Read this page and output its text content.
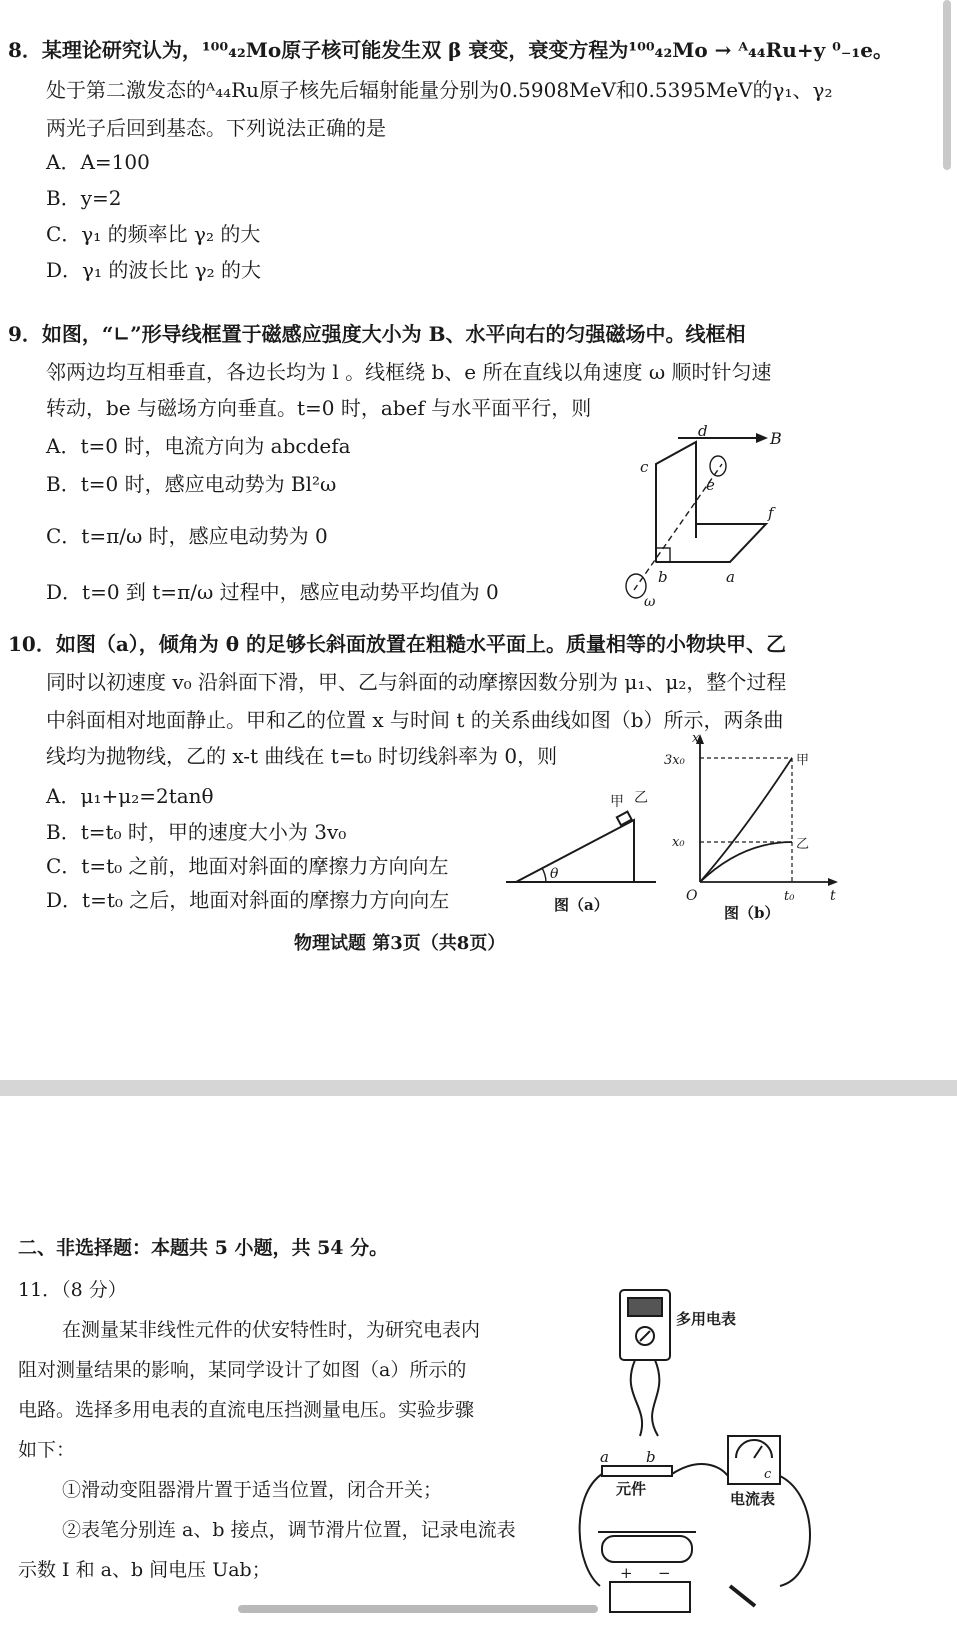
8．某理论研究认为，¹⁰⁰₄₂Mo原子核可能发生双 β 衰变，衰变方程为¹⁰⁰₄₂Mo → ᴬ₄₄Ru+y ⁰₋₁e。
处于第二激发态的ᴬ₄₄Ru原子核先后辐射能量分别为0.5908MeV和0.5395MeV的γ₁、γ₂
两光子后回到基态。下列说法正确的是
A．A=100
B．y=2
C．γ₁ 的频率比 γ₂ 的大
D．γ₁ 的波长比 γ₂ 的大
9．如图，“∟”形导线框置于磁感应强度大小为 B、水平向右的匀强磁场中。线框相
邻两边均互相垂直，各边长均为 l 。线框绕 b、e 所在直线以角速度 ω 顺时针匀速
转动，be 与磁场方向垂直。t=0 时，abef 与水平面平行，则
A．t=0 时，电流方向为 abcdefa
B．t=0 时，感应电动势为 Bl²ω
C．t=π/ω 时，感应电动势为 0
D．t=0 到 t=π/ω 过程中，感应电动势平均值为 0
B
d
c
e
f
b	a
ω
10．如图（a），倾角为 θ 的足够长斜面放置在粗糙水平面上。质量相等的小物块甲、乙
同时以初速度 v₀ 沿斜面下滑，甲、乙与斜面的动摩擦因数分别为 μ₁、μ₂，整个过程
中斜面相对地面静止。甲和乙的位置 x 与时间 t 的关系曲线如图（b）所示，两条曲
线均为抛物线，乙的 x-t 曲线在 t=t₀ 时切线斜率为 0，则
A．μ₁+μ₂=2tanθ
B．t=t₀ 时，甲的速度大小为 3v₀
C．t=t₀ 之前，地面对斜面的摩擦力方向向左
D．t=t₀ 之后，地面对斜面的摩擦力方向向左
θ
甲 乙
图（a）
3x₀
x₀
x
O	t₀	t
甲
乙
图（b）
物理试题 第3页（共8页）
二、非选择题：本题共 5 小题，共 54 分。
11．（8 分）
在测量某非线性元件的伏安特性时，为研究电表内
阻对测量结果的影响，某同学设计了如图（a）所示的
电路。选择多用电表的直流电压挡测量电压。实验步骤
如下：
①滑动变阻器滑片置于适当位置，闭合开关；
②表笔分别连 a、b 接点，调节滑片位置，记录电流表
示数 I 和 a、b 间电压 Uab；
多用电表
元件
电流表
a b
c
+ −
